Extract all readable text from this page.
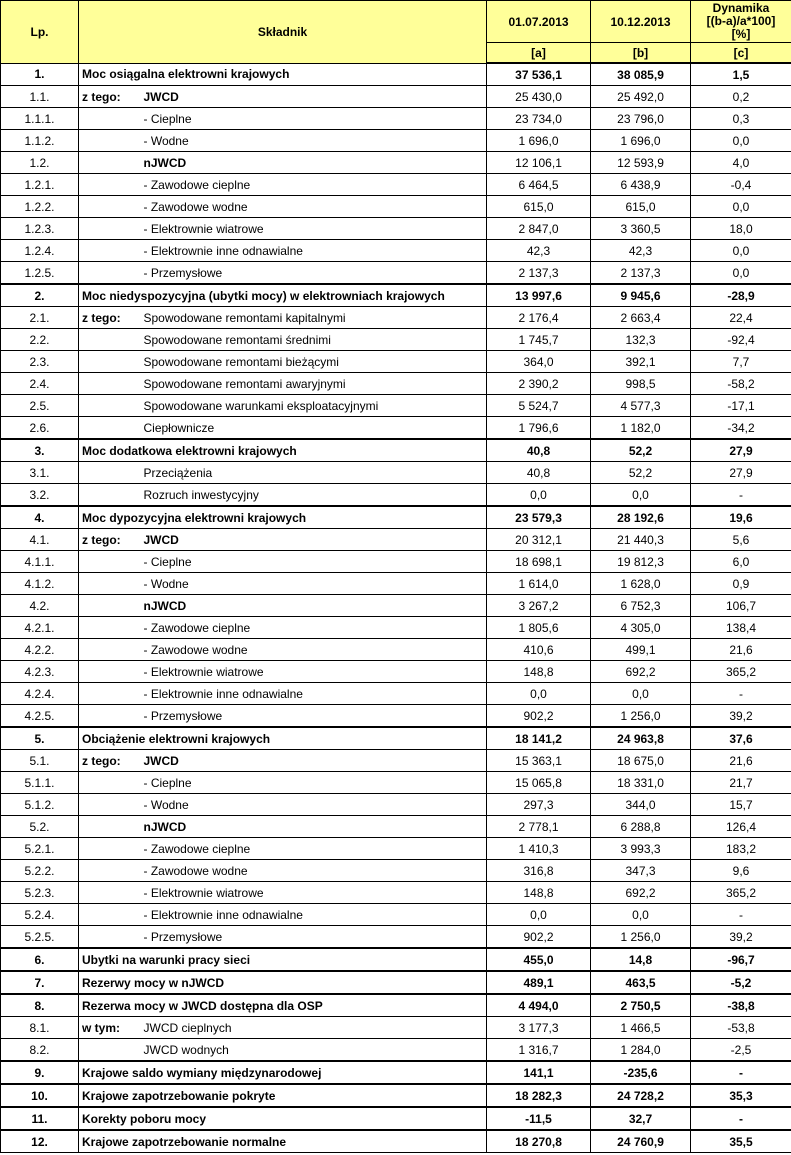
Lp.	Składnik		01.07.2013	10.12.2013	Dynamika
[(b-a)/a*100]
[%]

			[a]	[b]	[c]
1.	Moc osiągalna elektrowni krajowych		37 536,1	38 085,9	1,5
1.1.	z tego:	JWCD	25 430,0	25 492,0	0,2
1.1.1.		- Cieplne	23 734,0	23 796,0	0,3
1.1.2.		- Wodne	1 696,0	1 696,0	0,0
1.2.		nJWCD	12 106,1	12 593,9	4,0
1.2.1.		- Zawodowe cieplne	6 464,5	6 438,9	-0,4
1.2.2.		- Zawodowe wodne	615,0	615,0	0,0
1.2.3.		- Elektrownie wiatrowe	2 847,0	3 360,5	18,0
1.2.4.		- Elektrownie inne odnawialne	42,3	42,3	0,0
1.2.5.		- Przemysłowe	2 137,3	2 137,3	0,0
2.	Moc niedyspozycyjna (ubytki mocy) w elektrowniach krajowych		13 997,6	9 945,6	-28,9
2.1.	z tego:	Spowodowane remontami kapitalnymi	2 176,4	2 663,4	22,4
2.2.		Spowodowane remontami średnimi	1 745,7	132,3	-92,4
2.3.		Spowodowane remontami bieżącymi	364,0	392,1	7,7
2.4.		Spowodowane remontami awaryjnymi	2 390,2	998,5	-58,2
2.5.		Spowodowane warunkami eksploatacyjnymi	5 524,7	4 577,3	-17,1
2.6.		Ciepłownicze	1 796,6	1 182,0	-34,2
3.	Moc dodatkowa elektrowni krajowych		40,8	52,2	27,9
3.1.		Przeciążenia	40,8	52,2	27,9
3.2.		Rozruch inwestycyjny	0,0	0,0	-
4.	Moc dypozycyjna elektrowni krajowych		23 579,3	28 192,6	19,6
4.1.	z tego:	JWCD	20 312,1	21 440,3	5,6
4.1.1.		- Cieplne	18 698,1	19 812,3	6,0
4.1.2.		- Wodne	1 614,0	1 628,0	0,9
4.2.		nJWCD	3 267,2	6 752,3	106,7
4.2.1.		- Zawodowe cieplne	1 805,6	4 305,0	138,4
4.2.2.		- Zawodowe wodne	410,6	499,1	21,6
4.2.3.		- Elektrownie wiatrowe	148,8	692,2	365,2
4.2.4.		- Elektrownie inne odnawialne	0,0	0,0	-
4.2.5.		- Przemysłowe	902,2	1 256,0	39,2
5.	Obciążenie elektrowni krajowych		18 141,2	24 963,8	37,6
5.1.	z tego:	JWCD	15 363,1	18 675,0	21,6
5.1.1.		- Cieplne	15 065,8	18 331,0	21,7
5.1.2.		- Wodne	297,3	344,0	15,7
5.2.		nJWCD	2 778,1	6 288,8	126,4
5.2.1.		- Zawodowe cieplne	1 410,3	3 993,3	183,2
5.2.2.		- Zawodowe wodne	316,8	347,3	9,6
5.2.3.		- Elektrownie wiatrowe	148,8	692,2	365,2
5.2.4.		- Elektrownie inne odnawialne	0,0	0,0	-
5.2.5.		- Przemysłowe	902,2	1 256,0	39,2
6.	Ubytki na warunki pracy sieci		455,0	14,8	-96,7
7.	Rezerwy mocy w nJWCD		489,1	463,5	-5,2
8.	Rezerwa mocy w JWCD dostępna dla OSP		4 494,0	2 750,5	-38,8
8.1.	w tym:	JWCD cieplnych	3 177,3	1 466,5	-53,8
8.2.		JWCD wodnych	1 316,7	1 284,0	-2,5
9.	Krajowe saldo wymiany międzynarodowej		141,1	-235,6	-
10.	Krajowe zapotrzebowanie pokryte		18 282,3	24 728,2	35,3
11.	Korekty poboru mocy		-11,5	32,7	-
12.	Krajowe zapotrzebowanie normalne		18 270,8	24 760,9	35,5
